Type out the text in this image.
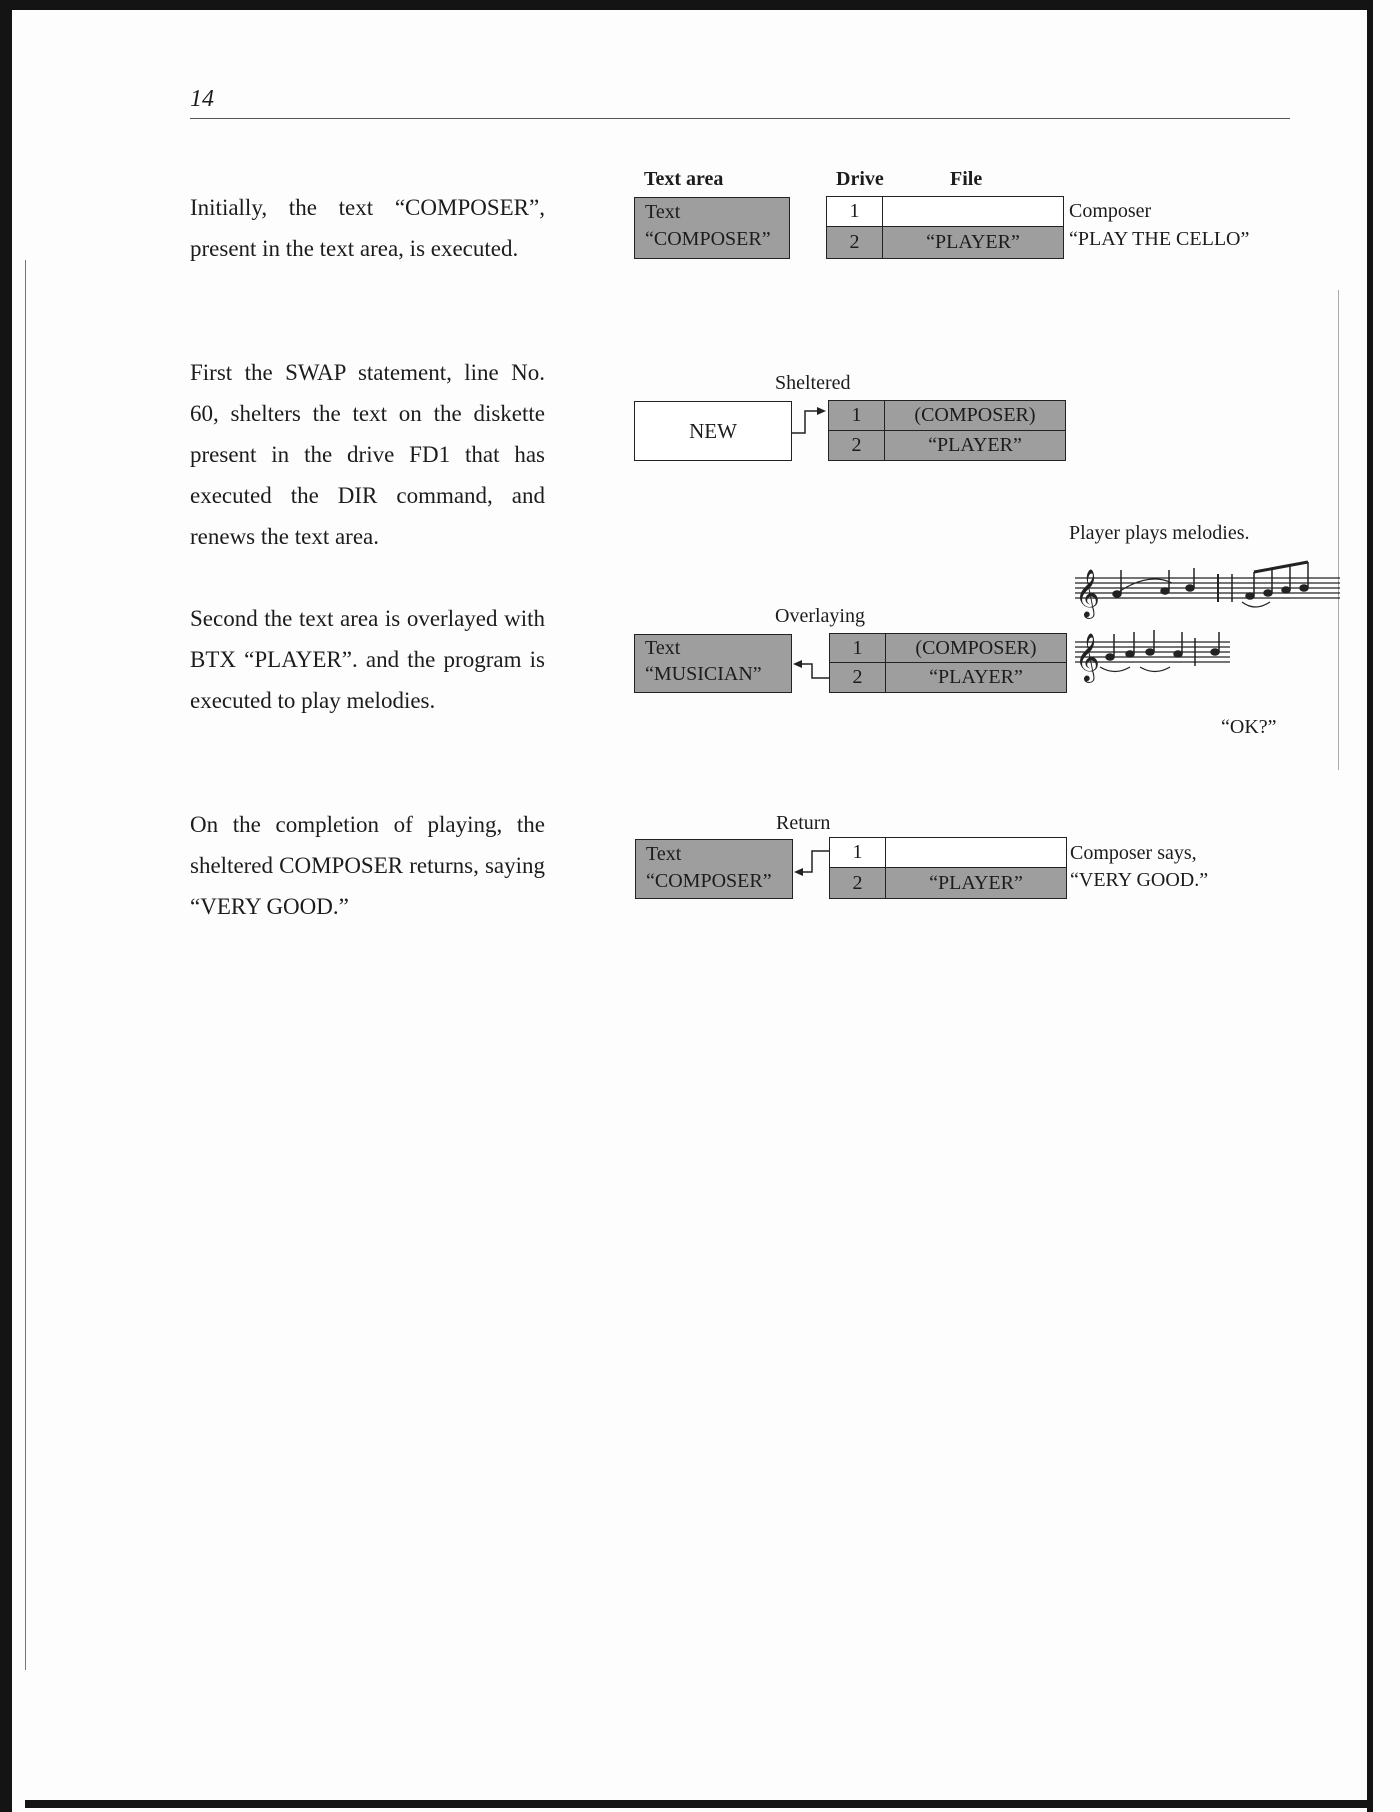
14

Initially, the text “COMPOSER”, present in the text area, is executed.

First the SWAP statement, line No. 60, shelters the text on the diskette present in the drive FD1 that has executed the DIR command, and renews the text area.

Second the text area is overlayed with BTX “PLAYER”. and the program is executed to play melodies.

On the completion of playing, the sheltered COMPOSER returns, saying “VERY GOOD.”

Text area	Drive	File
Text
“COMPOSER”
1
2	“PLAYER”
Composer
“PLAY THE CELLO”
Sheltered
NEW
1	(COMPOSER)
2	“PLAYER”
Player plays melodies.
𝄞
𝄞
Overlaying
Text
“MUSICIAN”
1	(COMPOSER)
2	“PLAYER”
“OK?”
Return
Text
“COMPOSER”
1
2	“PLAYER”
Composer says,
“VERY GOOD.”
